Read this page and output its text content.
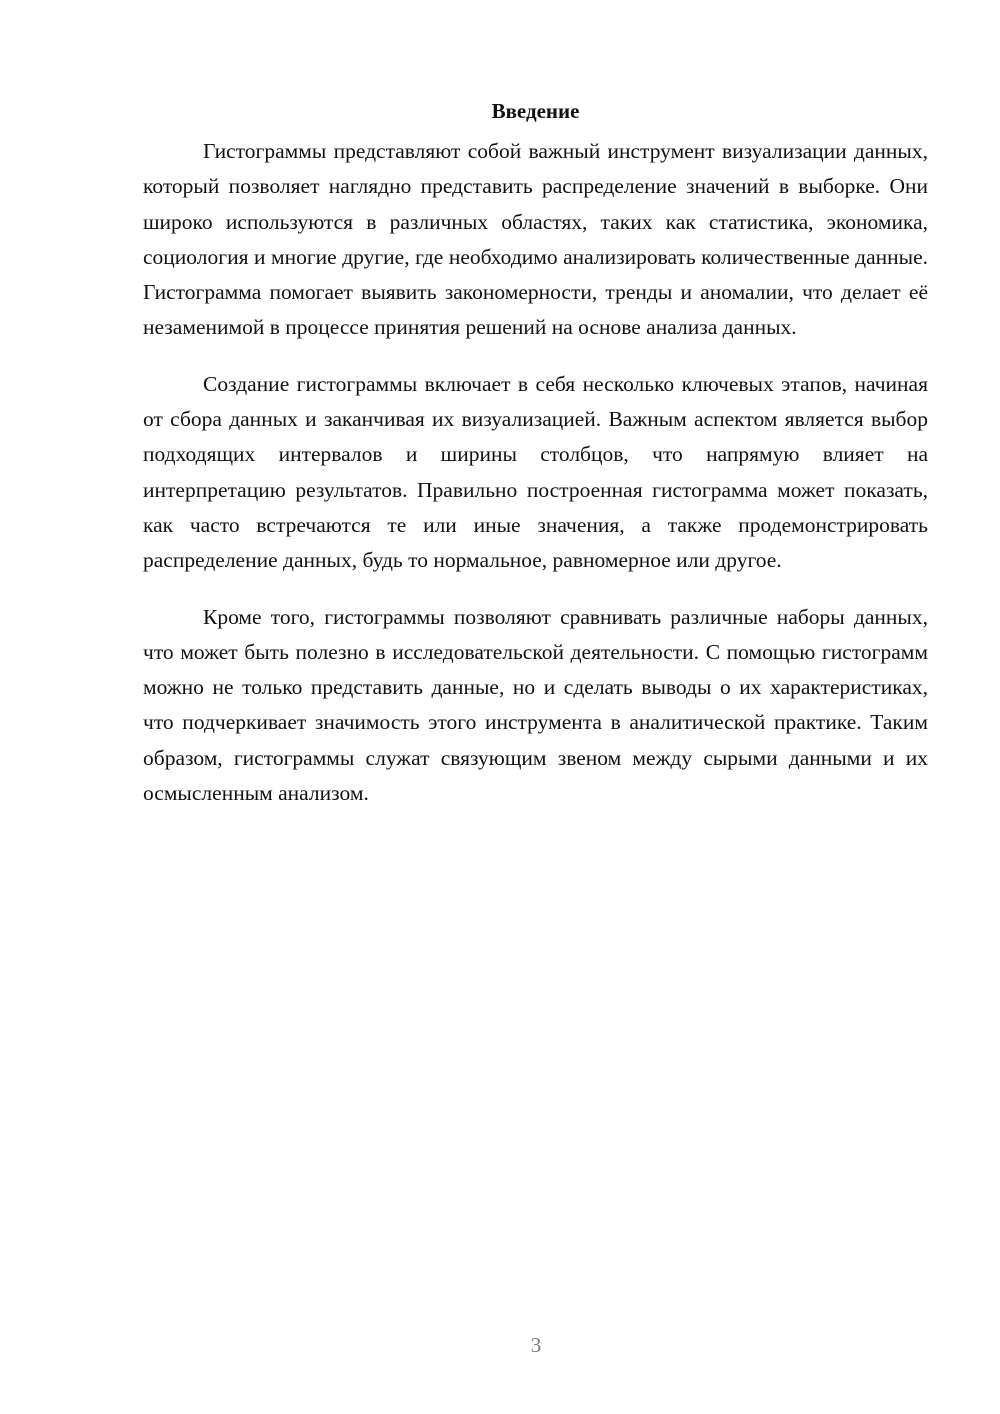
Введение

Гистограммы представляют собой важный инструмент визуализации данных, который позволяет наглядно представить распределение значений в выборке. Они широко используются в различных областях, таких как статистика, экономика, социология и многие другие, где необходимо анализировать количественные данные. Гистограмма помогает выявить закономерности, тренды и аномалии, что делает её незаменимой в процессе принятия решений на основе анализа данных.

Создание гистограммы включает в себя несколько ключевых этапов, начиная от сбора данных и заканчивая их визуализацией. Важным аспектом является выбор подходящих интервалов и ширины столбцов, что напрямую влияет на интерпретацию результатов. Правильно построенная гистограмма может показать, как часто встречаются те или иные значения, а также продемонстрировать распределение данных, будь то нормальное, равномерное или другое.

Кроме того, гистограммы позволяют сравнивать различные наборы данных, что может быть полезно в исследовательской деятельности. С помощью гистограмм можно не только представить данные, но и сделать выводы о их характеристиках, что подчеркивает значимость этого инструмента в аналитической практике. Таким образом, гистограммы служат связующим звеном между сырыми данными и их осмысленным анализом.

3
